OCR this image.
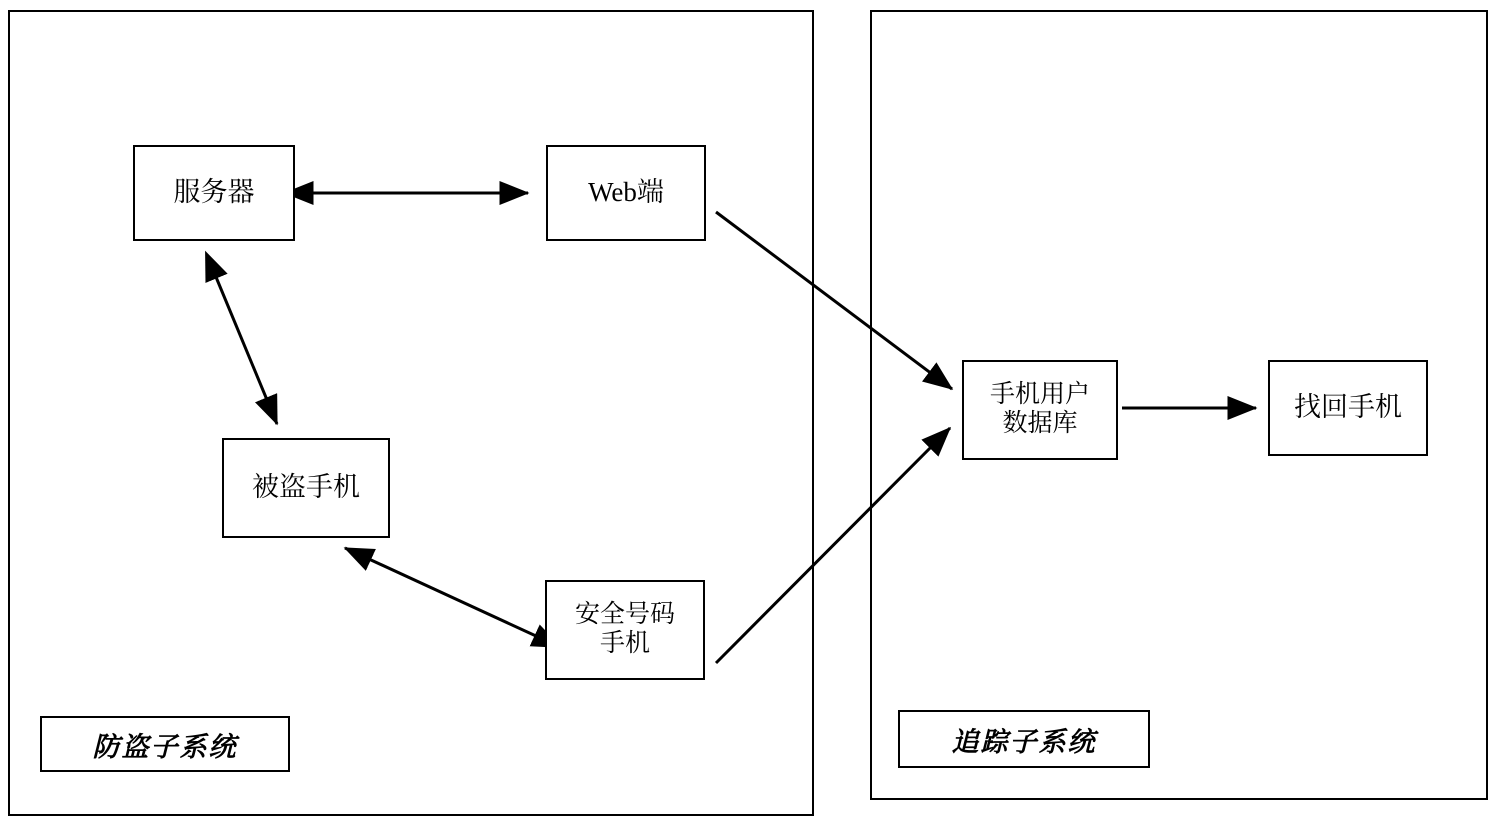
服务器	Web端
被盗手机
安全号码
手机
手机用户
数据库
找回手机
防盗子系统	追踪子系统
